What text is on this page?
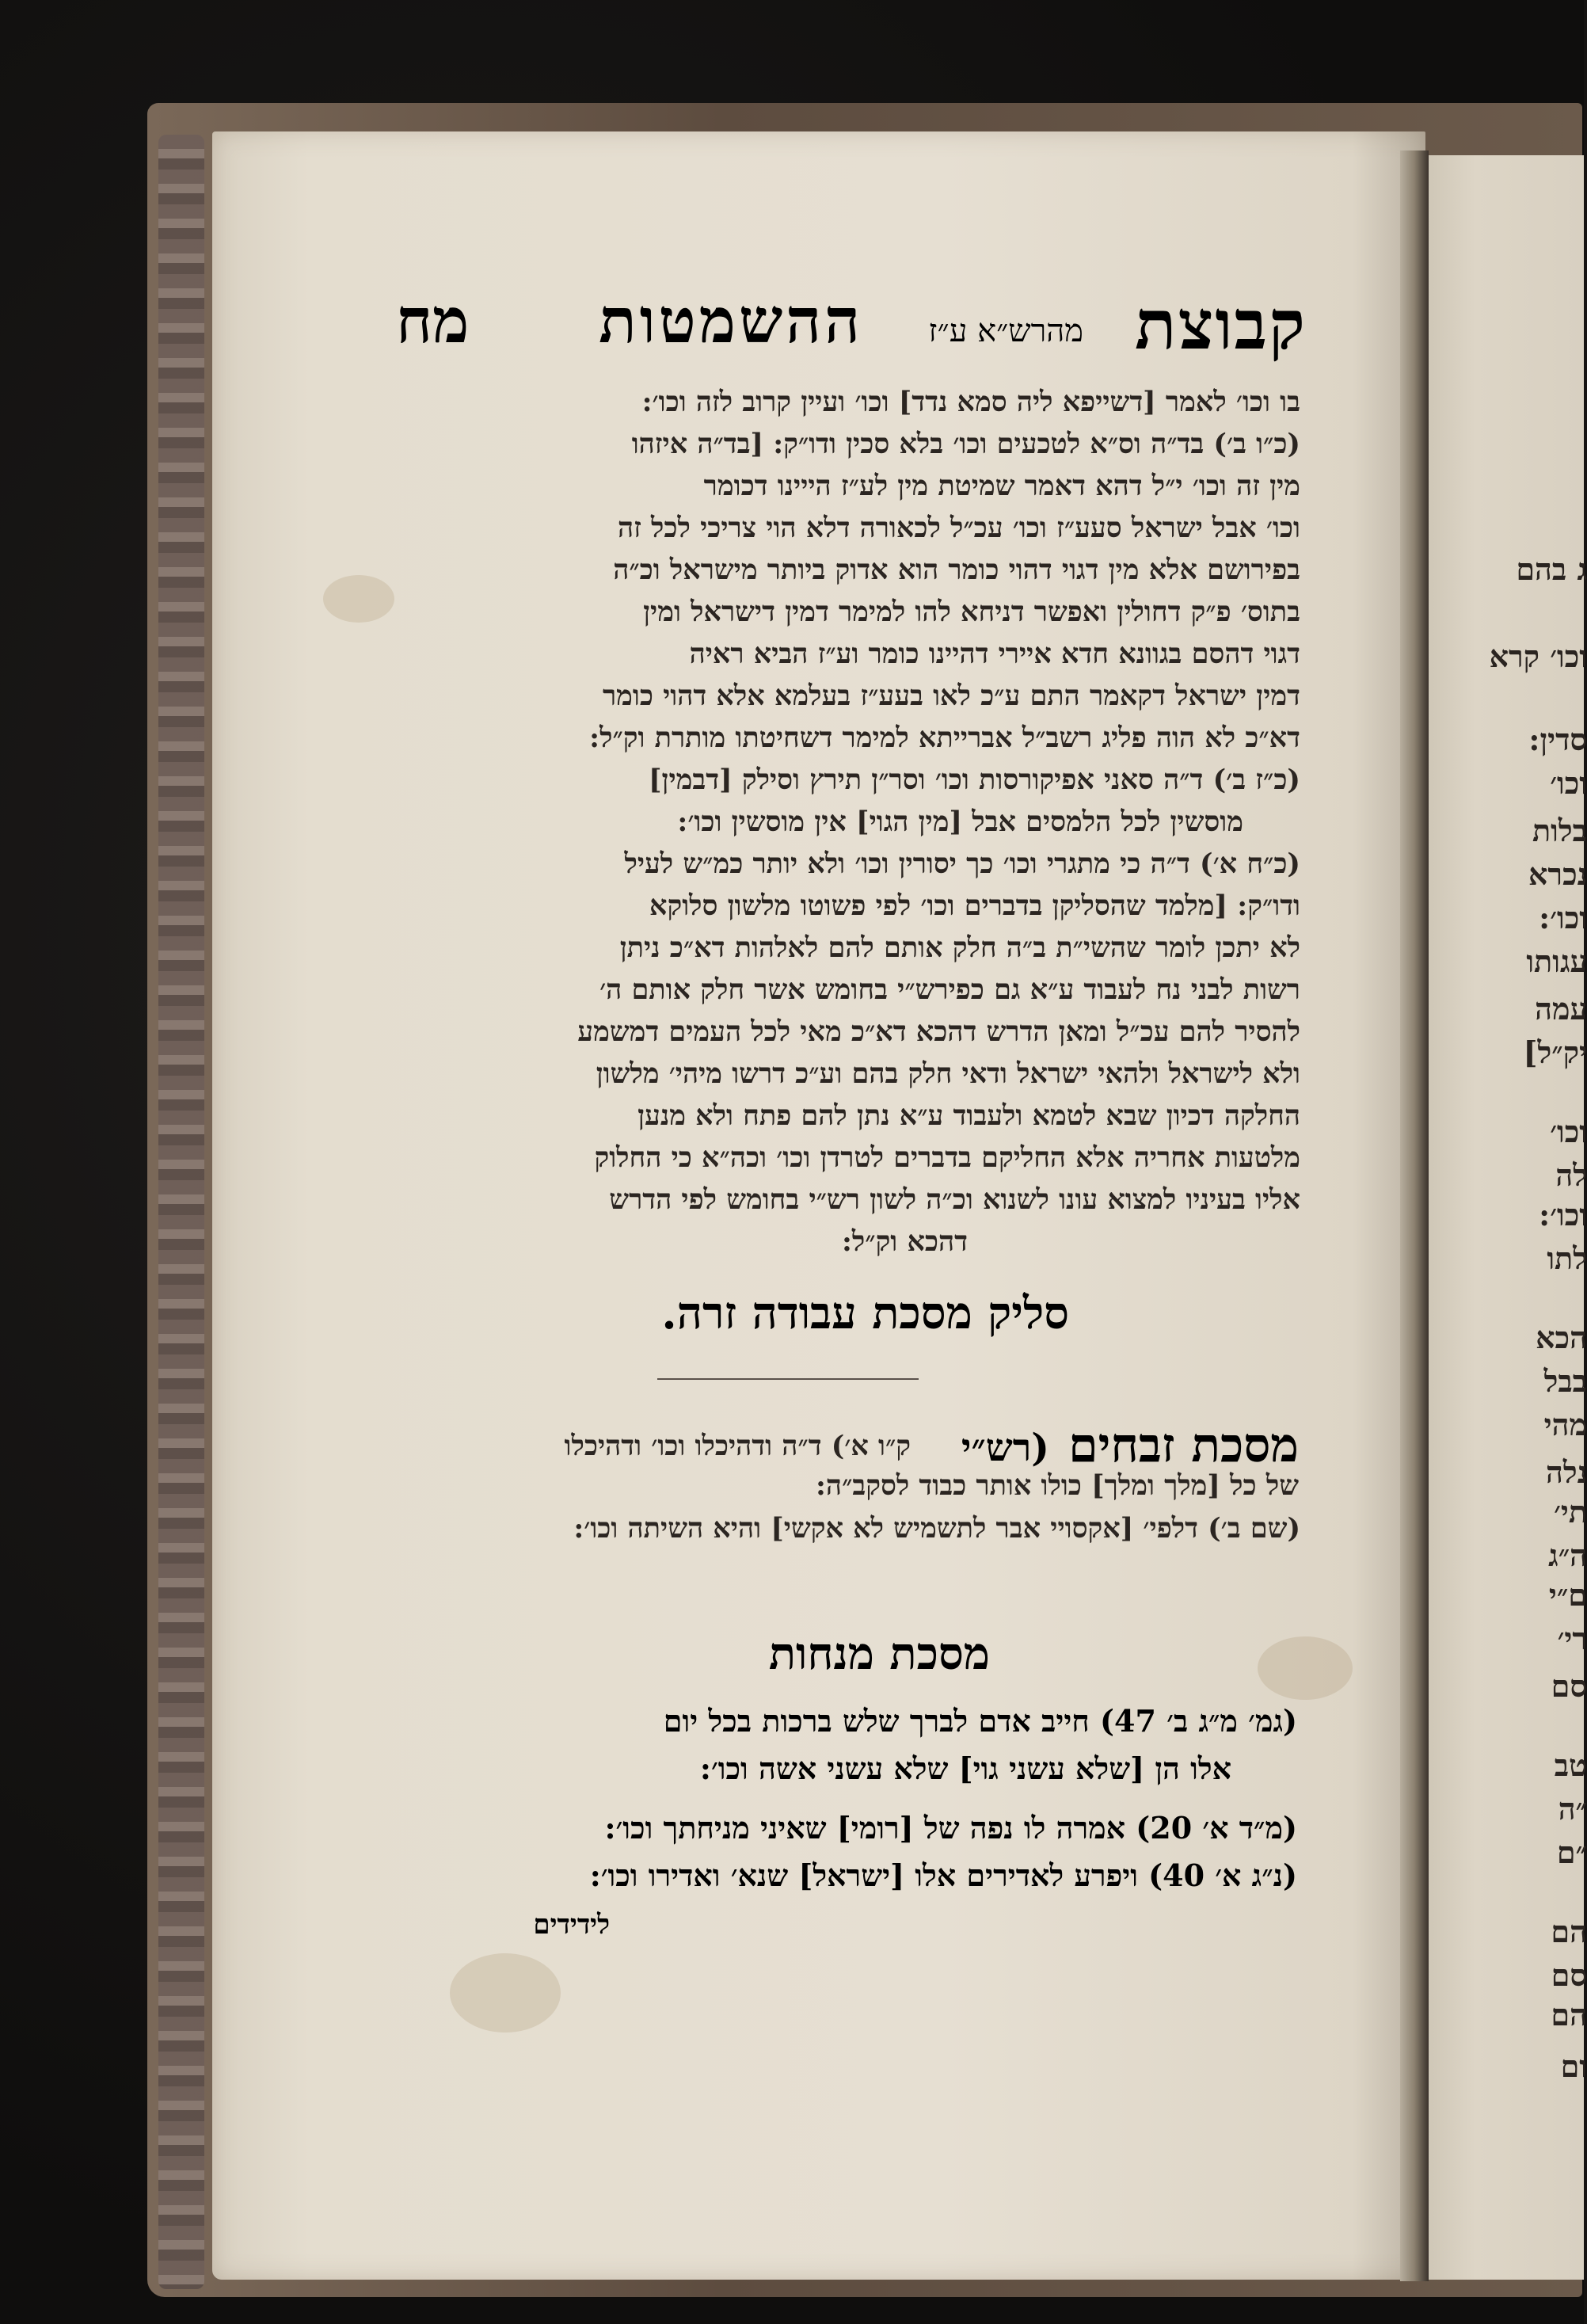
ג בהם
וכו׳ קרא
סדין:
וכו׳
בלות
נכרא
וכו׳:
עגותו
עמה
יק״ל]
וכו׳
לה
וכו׳:
לתו
הכא
בבל
מהי
נלה
תי׳
ה״ג
ם״י
רי׳
סם
טב
״ה
״ם
הם
סם
הם
ום
קבוצת
מהרש״א ע״ז
ההשמטות
מח
בו וכו׳ לאמר [דשייפא ליה סמא נדד] וכו׳ ועיין קרוב לזה וכו׳:
(כ״ו ב׳) בד״ה וס״א לטכעים וכו׳ בלא סכין ודו״ק: [בד״ה איזהו
מין זה וכו׳ י״ל דהא דאמר שמיטת מין לע״ז הייינו דכומר
וכו׳ אבל ישראל סעע״ז וכו׳ עכ״ל לכאורה דלא הוי צריכי לכל זה
בפירושם אלא מין דגוי דהוי כומר הוא אדוק ביותר מישראל וכ״ה
בתוס׳ פ״ק דחולין ואפשר דניחא להו למימר דמין דישראל ומין
דגוי דהסם בגוונא חדא איירי דהיינו כומר וע״ז הביא ראיה
דמין ישראל דקאמר התם ע״כ לאו בעע״ז בעלמא אלא דהוי כומר
דא״כ לא הוה פליג רשב״ל אברייתא למימר דשחיטתו מותרת וק״ל:
(כ״ז ב׳) ד״ה סאני אפיקורסות וכו׳ וסר״ן תירץ וסילק [דבמין]
מוסשין לכל הלמסים אבל [מין הגוי] אין מוסשין וכו׳:
(כ״ח א׳) ד״ה כי מתגרי וכו׳ כך יסורין וכו׳ ולא יותר כמ״ש לעיל
ודו״ק: [מלמד שהסליקן בדברים וכו׳ לפי פשוטו מלשון סלוקא
לא יתכן לומר שהשי״ת ב״ה חלק אותם להם לאלהות דא״כ ניתן
רשות לבני נח לעבוד ע״א גם כפירש״י בחומש אשר חלק אותם ה׳
להסיר להם עכ״ל ומאן הדרש דהכא דא״כ מאי לכל העמים דמשמע
ולא לישראל ולהאי ישראל ודאי חלק בהם וע״כ דרשו מיהי׳ מלשון
החלקה דכיון שבא לטמא ולעבוד ע״א נתן להם פתח ולא מנען
מלטעות אחריה אלא החליקם בדברים לטרדן וכו׳ וכה״א כי החלוק
אליו בעיניו למצוא עונו לשנוא וכ״ה לשון רש״י בחומש לפי הדרש
דהכא וק״ל:
סליק מסכת עבודה זרה.
מסכת זבחים
(רש״י
ק״ו א׳) ד״ה ודהיכלו וכו׳ ודהיכלו
של כל [מלך ומלך] כולו אותר כבוד לסקב״ה:
(שם ב׳) דלפי׳ [אקסויי אבר לתשמיש לא אקשי] והיא השיתה וכו׳:
מסכת מנחות
(גמ׳ מ״ג ב׳ 47) חייב אדם לברך שלש ברכות בכל יום
אלו הן [שלא עשני גוי] שלא עשני אשה וכו׳:
(מ״ד א׳ 20) אמרה לו נפה של [רומי] שאיני מניחתך וכו׳:
(נ״ג א׳ 40) ויפרע לאדירים אלו [ישראל] שנא׳ ואדירו וכו׳:
לידידים
